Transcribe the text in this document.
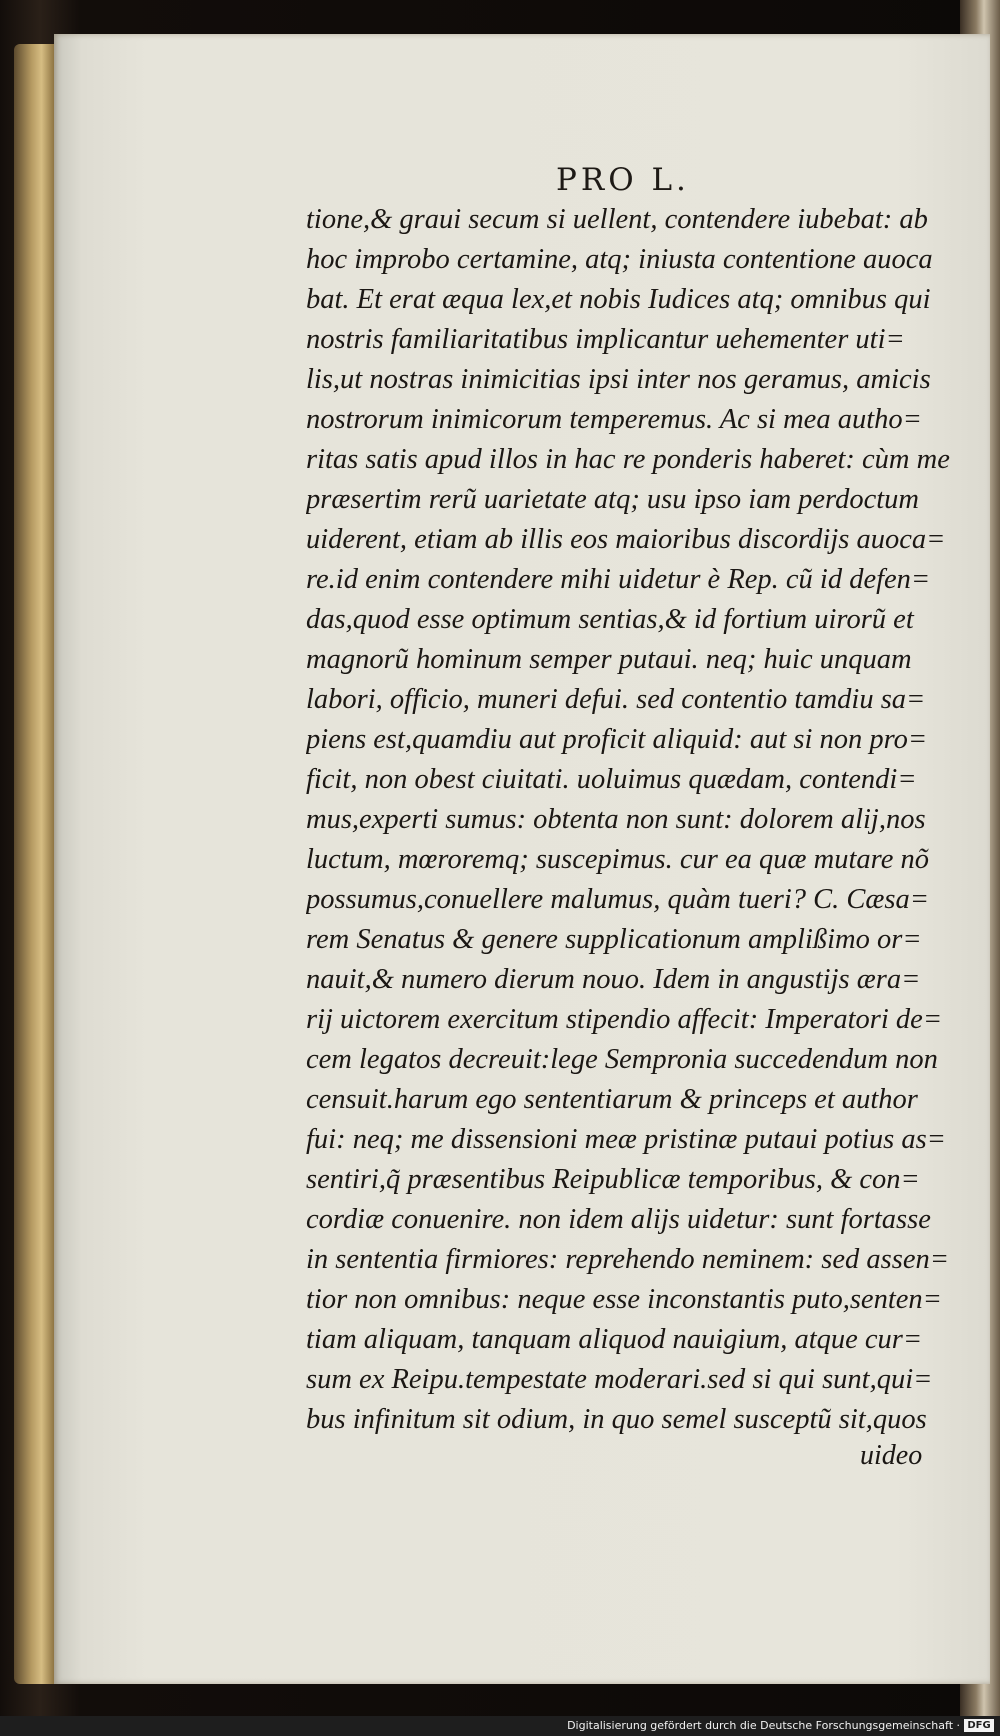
PRO L.
tione,& graui secum si uellent, contendere iubebat: ab
hoc improbo certamine, atq; iniusta contentione auoca
bat. Et erat æqua lex,et nobis Iudices atq; omnibus qui
nostris familiaritatibus implicantur uehementer uti=
lis,ut nostras inimicitias ipsi inter nos geramus, amicis
nostrorum inimicorum temperemus. Ac si mea autho=
ritas satis apud illos in hac re ponderis haberet: cùm me
præsertim rerũ uarietate atq; usu ipso iam perdoctum
uiderent, etiam ab illis eos maioribus discordijs auoca=
re.id enim contendere mihi uidetur è Rep. cũ id defen=
das,quod esse optimum sentias,& id fortium uirorũ et
magnorũ hominum semper putaui. neq; huic unquam
labori, officio, muneri defui. sed contentio tamdiu sa=
piens est,quamdiu aut proficit aliquid: aut si non pro=
ficit, non obest ciuitati. uoluimus quædam, contendi=
mus,experti sumus: obtenta non sunt: dolorem alij,nos
luctum, mœroremq; suscepimus. cur ea quæ mutare nõ
possumus,conuellere malumus, quàm tueri? C. Cæsa=
rem Senatus & genere supplicationum amplißimo or=
nauit,& numero dierum nouo. Idem in angustijs æra=
rij uictorem exercitum stipendio affecit: Imperatori de=
cem legatos decreuit:lege Sempronia succedendum non
censuit.harum ego sententiarum & princeps et author
fui: neq; me dissensioni meæ pristinæ putaui potius as=
sentiri,q̃ præsentibus Reipublicæ temporibus, & con=
cordiæ conuenire. non idem alijs uidetur: sunt fortasse
in sententia firmiores: reprehendo neminem: sed assen=
tior non omnibus: neque esse inconstantis puto,senten=
tiam aliquam, tanquam aliquod nauigium, atque cur=
sum ex Reipu.tempestate moderari.sed si qui sunt,qui=
bus infinitum sit odium, in quo semel susceptũ sit,quos
uideo
Digitalisierung gefördert durch die Deutsche Forschungsgemeinschaft · DFG
